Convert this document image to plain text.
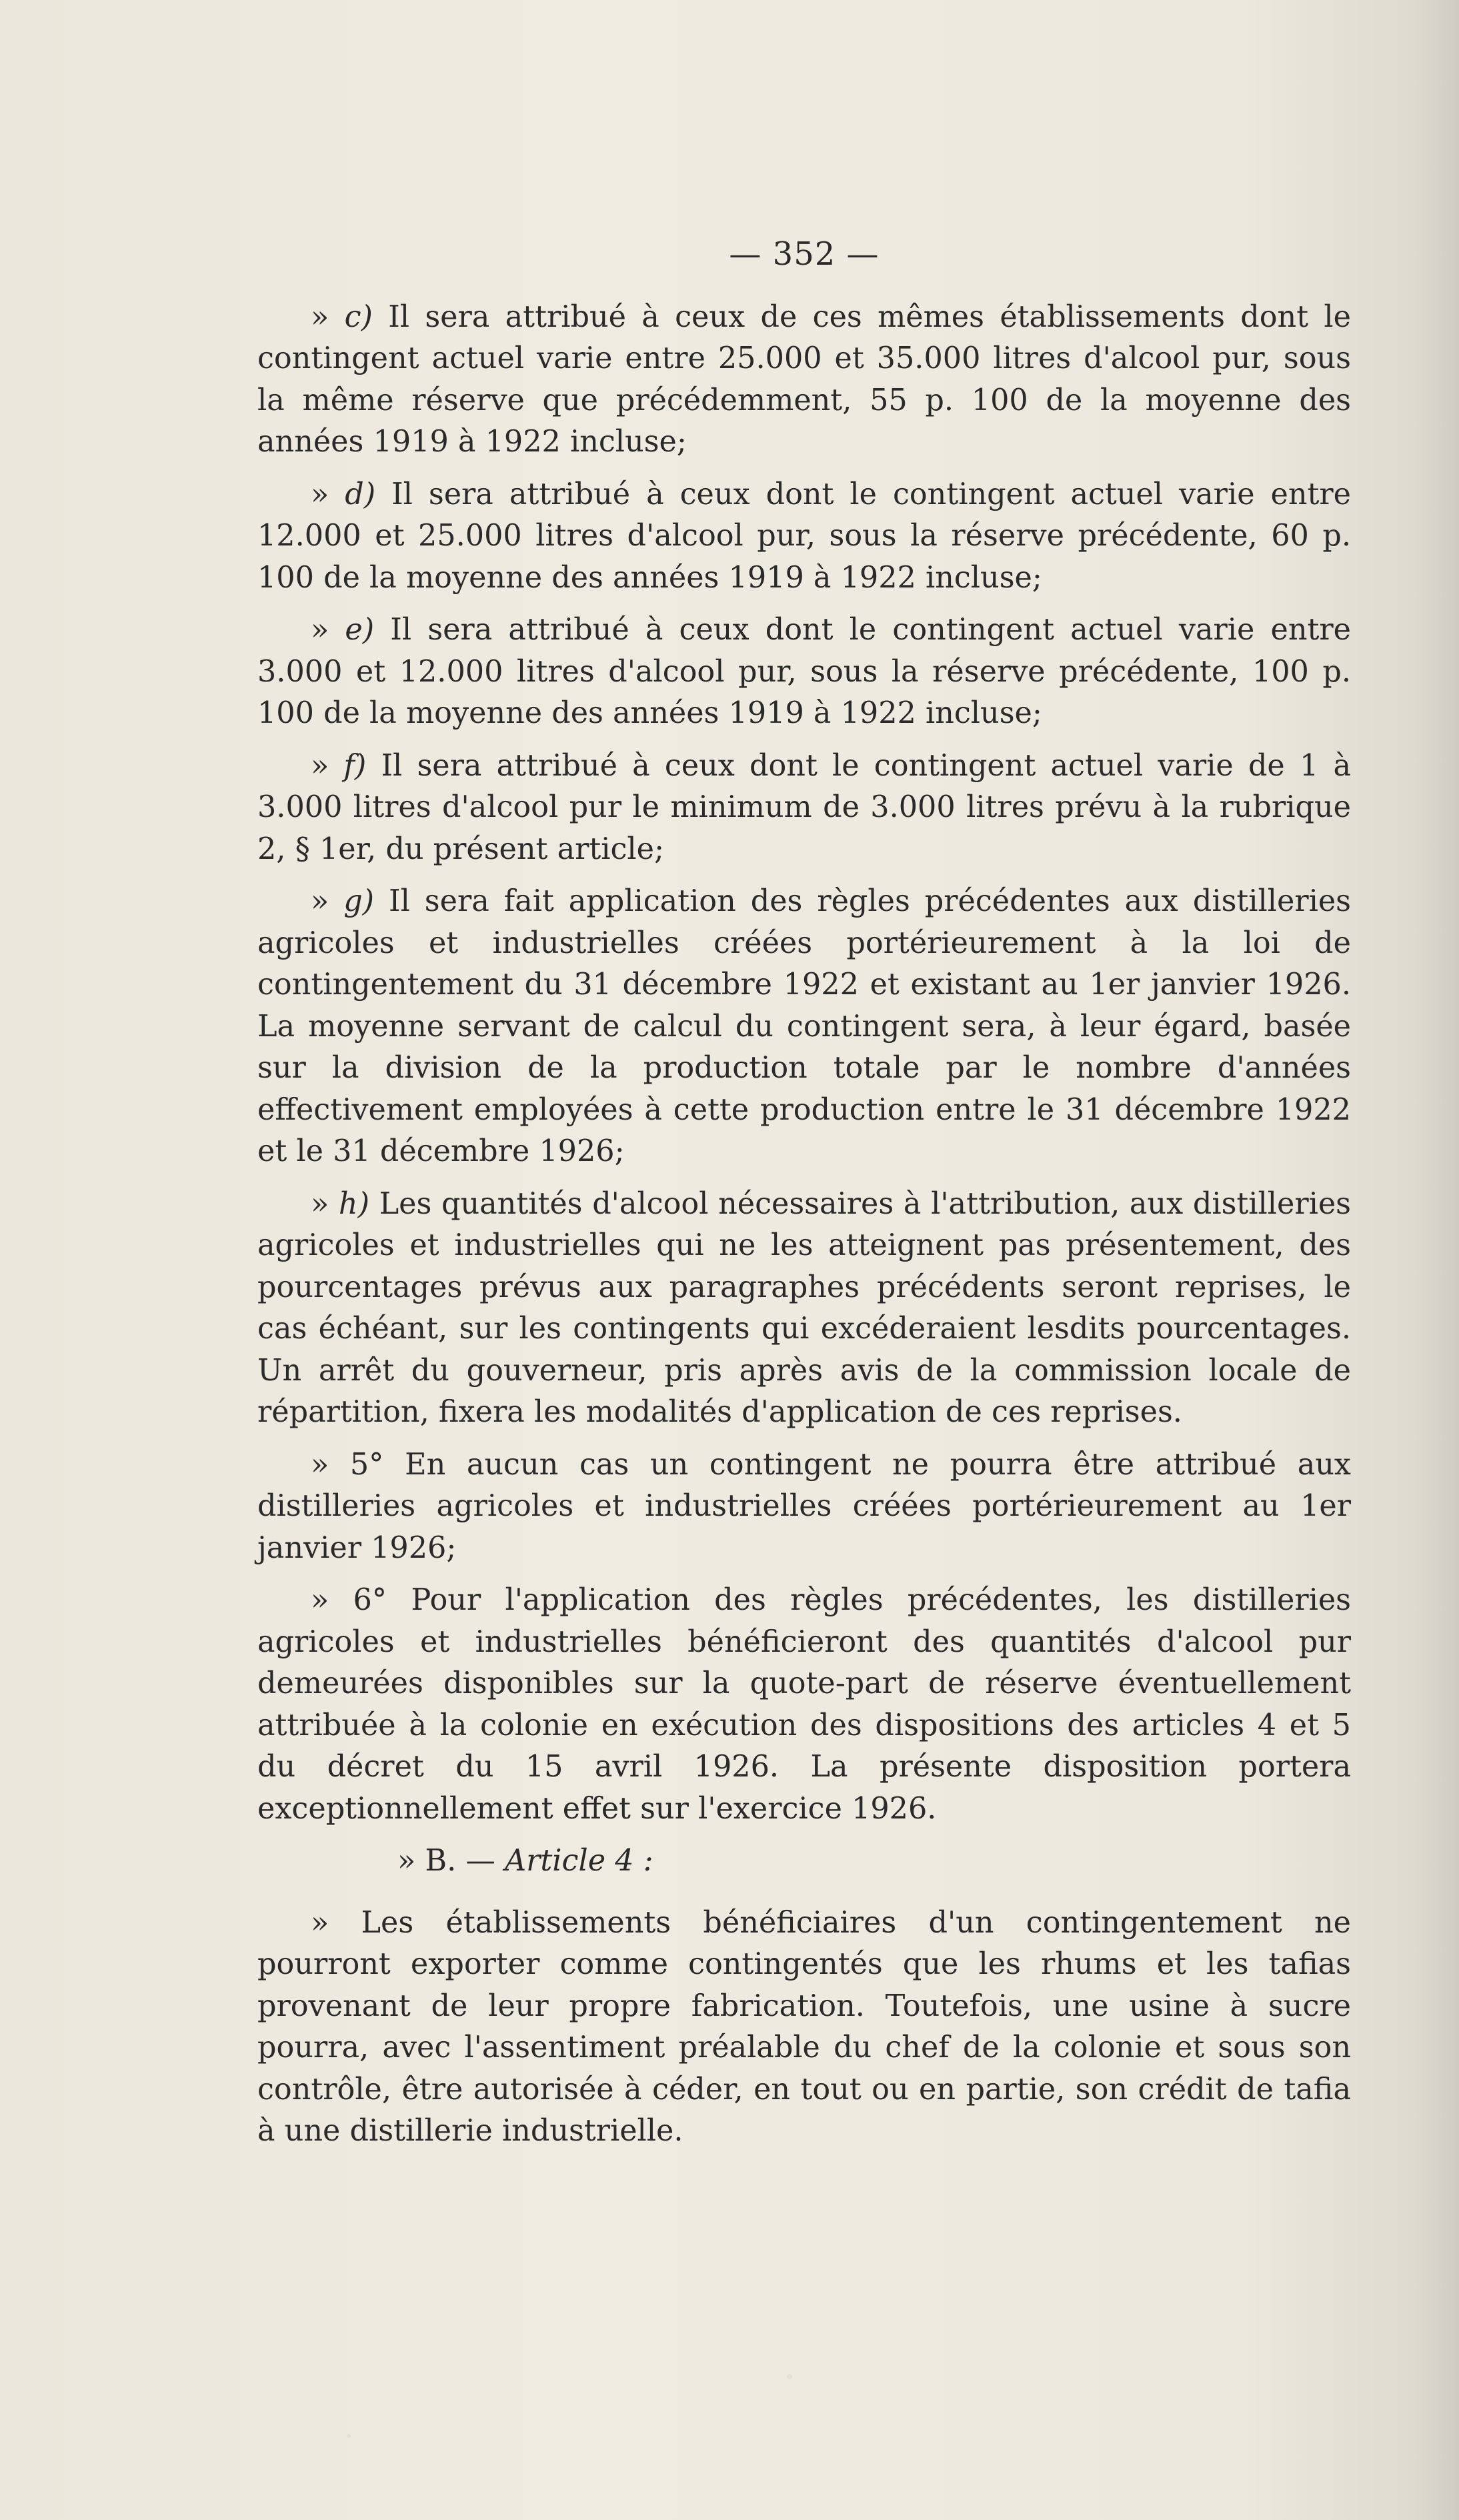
— 352 —

» c) Il sera attribué à ceux de ces mêmes établissements dont le contingent actuel varie entre 25.000 et 35.000 litres d'alcool pur, sous la même réserve que précédemment, 55 p. 100 de la moyenne des années 1919 à 1922 incluse;

» d) Il sera attribué à ceux dont le contingent actuel varie entre 12.000 et 25.000 litres d'alcool pur, sous la réserve précédente, 60 p. 100 de la moyenne des années 1919 à 1922 incluse;

» e) Il sera attribué à ceux dont le contingent actuel varie entre 3.000 et 12.000 litres d'alcool pur, sous la réserve précédente, 100 p. 100 de la moyenne des années 1919 à 1922 incluse;

» f) Il sera attribué à ceux dont le contingent actuel varie de 1 à 3.000 litres d'alcool pur le minimum de 3.000 litres prévu à la rubrique 2, § 1er, du présent article;

» g) Il sera fait application des règles précédentes aux distilleries agricoles et industrielles créées portérieurement à la loi de contingentement du 31 décembre 1922 et existant au 1er janvier 1926. La moyenne servant de calcul du contingent sera, à leur égard, basée sur la division de la production totale par le nombre d'années effectivement employées à cette production entre le 31 décembre 1922 et le 31 décembre 1926;

» h) Les quantités d'alcool nécessaires à l'attribution, aux distilleries agricoles et industrielles qui ne les atteignent pas présentement, des pourcentages prévus aux paragraphes précédents seront reprises, le cas échéant, sur les contingents qui excéderaient lesdits pourcentages. Un arrêt du gouverneur, pris après avis de la commission locale de répartition, fixera les modalités d'application de ces reprises.

» 5° En aucun cas un contingent ne pourra être attribué aux distilleries agricoles et industrielles créées portérieurement au 1er janvier 1926;

» 6° Pour l'application des règles précédentes, les distilleries agricoles et industrielles bénéficieront des quantités d'alcool pur demeurées disponibles sur la quote-part de réserve éventuellement attribuée à la colonie en exécution des dispositions des articles 4 et 5 du décret du 15 avril 1926. La présente disposition portera exceptionnellement effet sur l'exercice 1926.

» B. — Article 4 :

» Les établissements bénéficiaires d'un contingentement ne pourront exporter comme contingentés que les rhums et les tafias provenant de leur propre fabrication. Toutefois, une usine à sucre pourra, avec l'assentiment préalable du chef de la colonie et sous son contrôle, être autorisée à céder, en tout ou en partie, son crédit de tafia à une distillerie industrielle.
